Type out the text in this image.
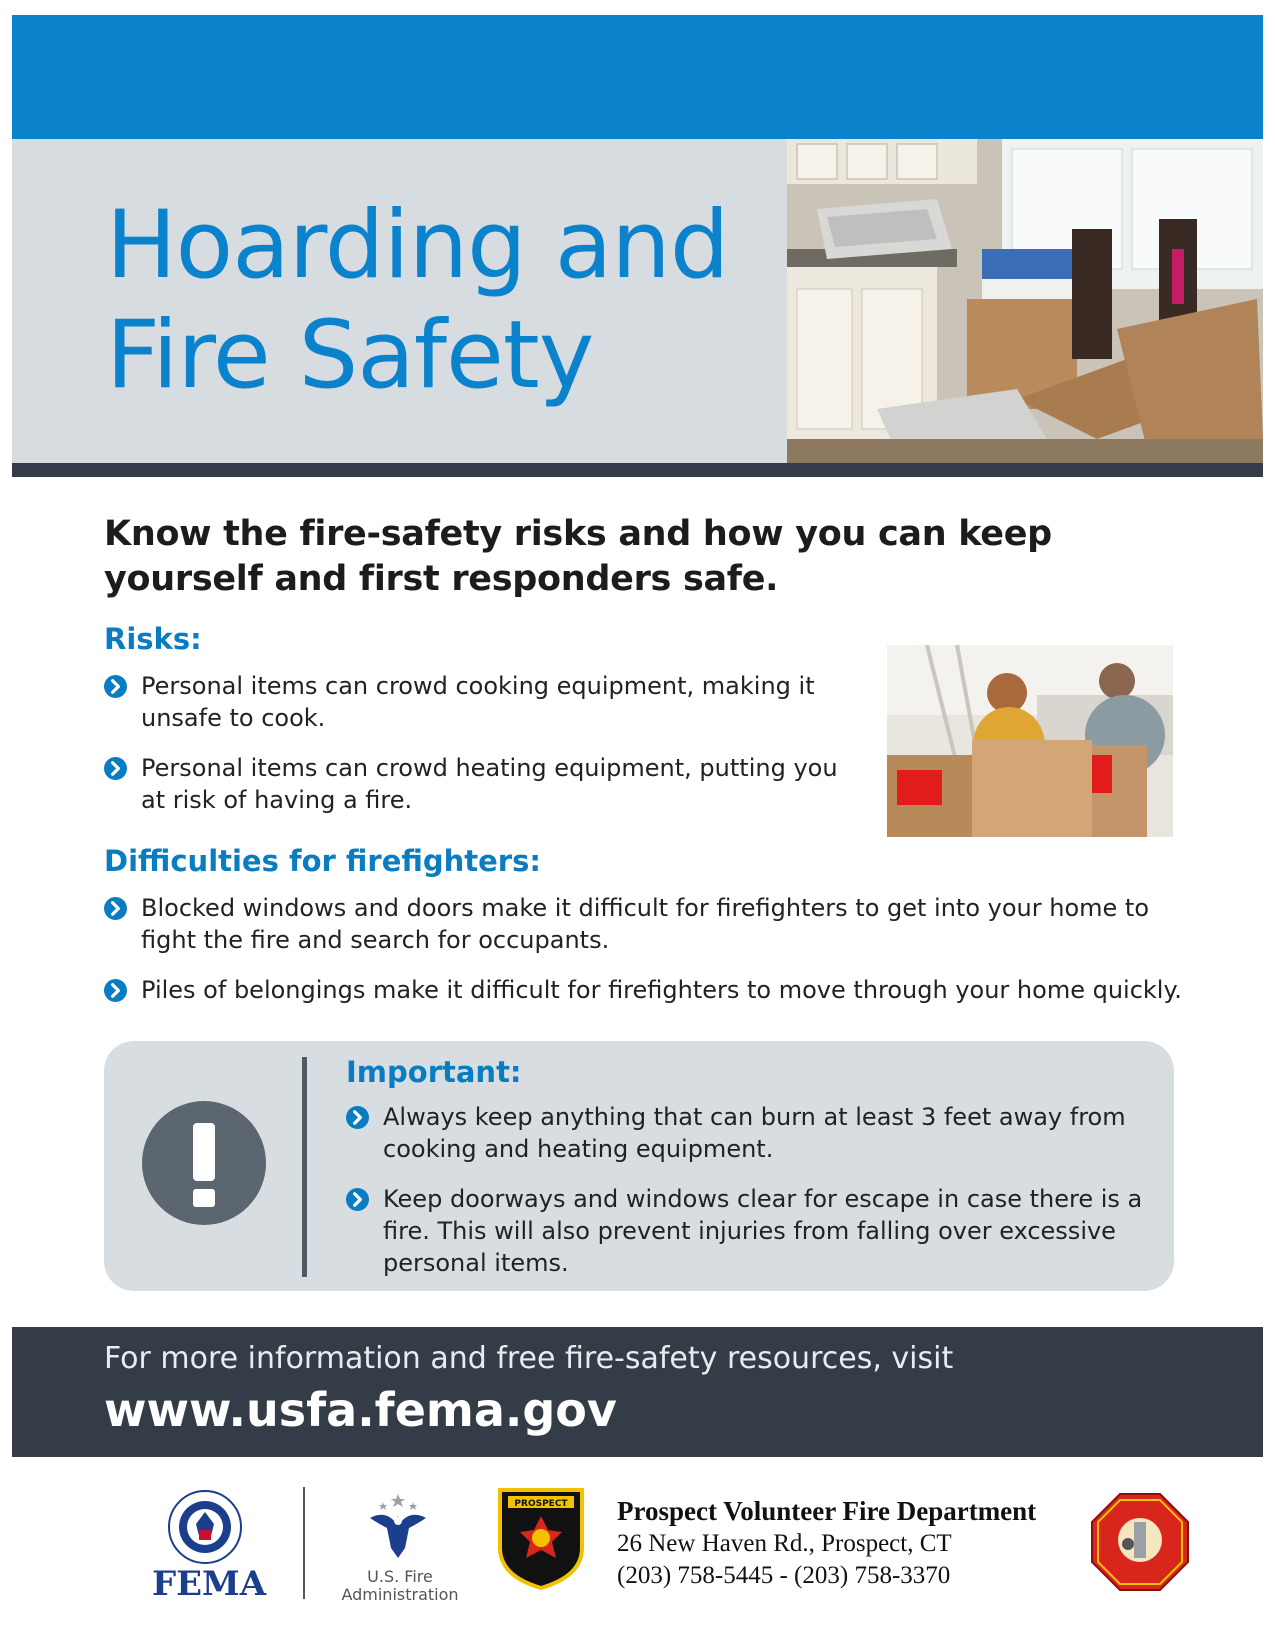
Hoarding and
Fire Safety
Know the fire-safety risks and how you can keep yourself and first responders safe.
Risks:
Personal items can crowd cooking equipment, making it unsafe to cook.
Personal items can crowd heating equipment, putting you at risk of having a fire.
Difficulties for firefighters:
Blocked windows and doors make it difficult for firefighters to get into your home to fight the fire and search for occupants.
Piles of belongings make it difficult for firefighters to move through your home quickly.
Important:
Always keep anything that can burn at least 3 feet away from cooking and heating equipment.
Keep doorways and windows clear for escape in case there is a fire. This will also prevent injuries from falling over excessive personal items.
For more information and free fire-safety resources, visit
www.usfa.fema.gov
FEMA	U.S. Fire
Administration
PROSPECT Prospect Volunteer Fire Department
26 New Haven Rd., Prospect, CT
(203) 758-5445 - (203) 758-3370
